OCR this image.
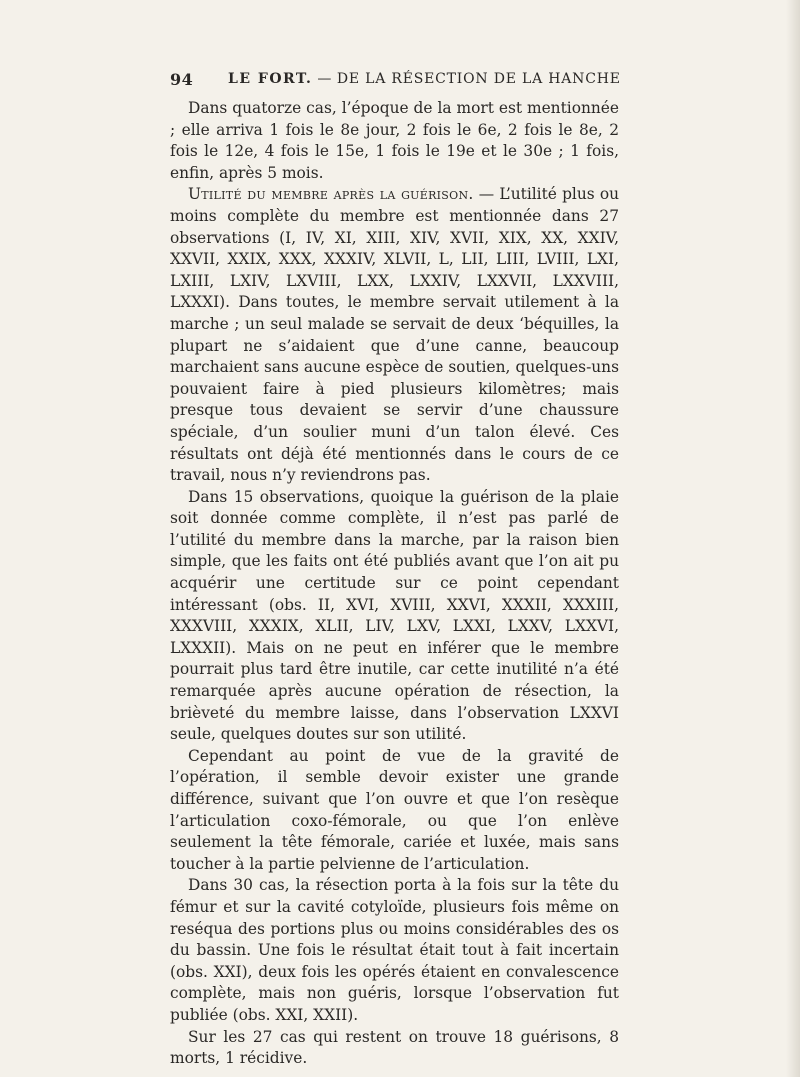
94 LE FORT. — DE LA RÉSECTION DE LA HANCHE

Dans quatorze cas, l’époque de la mort est mentionnée ; elle arriva 1 fois le 8e jour, 2 fois le 6e, 2 fois le 8e, 2 fois le 12e, 4 fois le 15e, 1 fois le 19e et le 30e ; 1 fois, enfin, après 5 mois.

Utilité du membre après la guérison. — L’utilité plus ou moins complète du membre est mentionnée dans 27 observations (I, IV, XI, XIII, XIV, XVII, XIX, XX, XXIV, XXVII, XXIX, XXX, XXXIV, XLVII, L, LII, LIII, LVIII, LXI, LXIII, LXIV, LXVIII, LXX, LXXIV, LXXVII, LXXVIII, LXXXI). Dans toutes, le membre servait utilement à la marche ; un seul malade se servait de deux ‘béquilles, la plupart ne s’aidaient que d’une canne, beaucoup marchaient sans aucune espèce de soutien, quelques-uns pouvaient faire à pied plusieurs kilomètres; mais presque tous devaient se servir d’une chaussure spéciale, d’un soulier muni d’un talon élevé. Ces résultats ont déjà été mentionnés dans le cours de ce travail, nous n’y reviendrons pas.

Dans 15 observations, quoique la guérison de la plaie soit donnée comme complète, il n’est pas parlé de l’utilité du membre dans la marche, par la raison bien simple, que les faits ont été publiés avant que l’on ait pu acquérir une certitude sur ce point cependant intéressant (obs. II, XVI, XVIII, XXVI, XXXII, XXXIII, XXXVIII, XXXIX, XLII, LIV, LXV, LXXI, LXXV, LXXVI, LXXXII). Mais on ne peut en inférer que le membre pourrait plus tard être inutile, car cette inutilité n’a été remarquée après aucune opération de résection, la brièveté du membre laisse, dans l’observation LXXVI seule, quelques doutes sur son utilité.

Cependant au point de vue de la gravité de l’opération, il semble devoir exister une grande différence, suivant que l’on ouvre et que l’on resèque l’articulation coxo-fémorale, ou que l’on enlève seulement la tête fémorale, cariée et luxée, mais sans toucher à la partie pelvienne de l’articulation.

Dans 30 cas, la résection porta à la fois sur la tête du fémur et sur la cavité cotyloïde, plusieurs fois même on reséqua des portions plus ou moins considérables des os du bassin. Une fois le résultat était tout à fait incertain (obs. XXI), deux fois les opérés étaient en convalescence complète, mais non guéris, lorsque l’observation fut publiée (obs. XXI, XXII).

Sur les 27 cas qui restent on trouve 18 guérisons, 8 morts, 1 récidive.
